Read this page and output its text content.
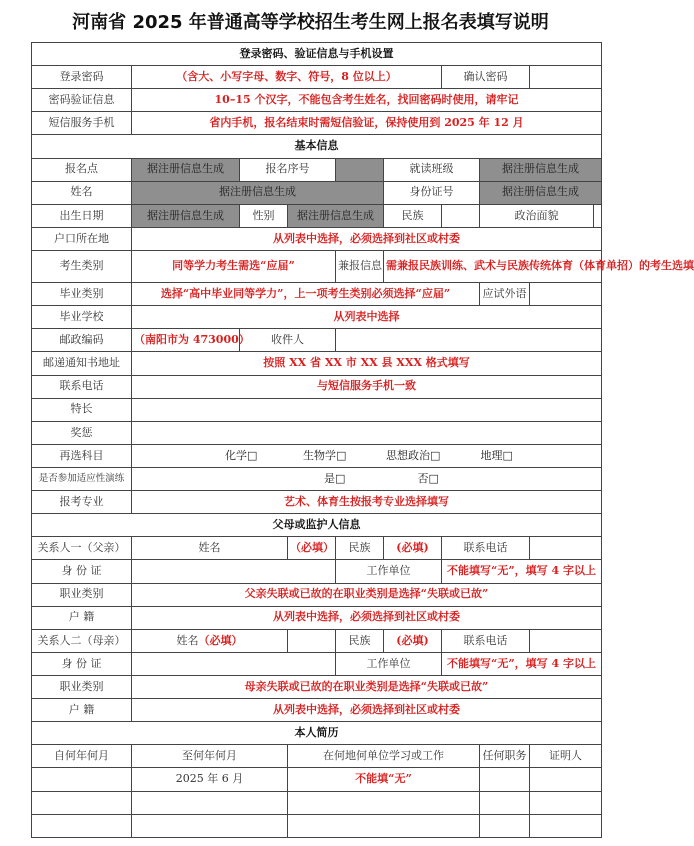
河南省 2025 年普通高等学校招生考生网上报名表填写说明
登录密码、验证信息与手机设置									
登录密码	（含大、小写字母、数字、符号，8 位以上）					确认密码			
密码验证信息	10–15 个汉字，不能包含考生姓名，找回密码时使用，请牢记								
短信服务手机	省内手机，报名结束时需短信验证，保持使用到 2025 年 12 月								
基本信息									
报名点	据注册信息生成	报名序号			就读班级		据注册信息生成		
姓名	据注册信息生成				身份证号		据注册信息生成		
出生日期	据注册信息生成	性别	据注册信息生成		民族		政治面貌		
户口所在地	从列表中选择，必须选择到社区或村委								
考生类别	同等学力考生需选“应届”			兼报信息	需兼报民族训练、武术与民族传统体育（体育单招）的考生选填				
毕业类别	选择“高中毕业同等学力”，上一项考生类别必须选择“应届”						应试外语		
毕业学校	从列表中选择								
邮政编码	（南阳市为 473000）	收件人							
邮递通知书地址	按照 XX 省 XX 市 XX 县 XXX 格式填写								
联系电话	与短信服务手机一致								
特长									
奖惩									
再选科目	化学□ 生物学□ 思想政治□ 地理□								
是否参加适应性演练	是□ 否□								
报考专业	艺术、体育生按报考专业选择填写								
父母或监护人信息									
关系人一（父亲）	姓名		（必填）	民族	(必填)	联系电话			
身 份 证				工作单位		不能填写“无”，填写 4 字以上			
职业类别	父亲失联或已故的在职业类别是选择“失联或已故”								
户 籍	从列表中选择，必须选择到社区或村委								
关系人二（母亲）	姓名（必填）			民族	(必填)	联系电话			
身 份 证				工作单位		不能填写“无”，填写 4 字以上			
职业类别	母亲失联或已故的在职业类别是选择“失联或已故”								
户 籍	从列表中选择，必须选择到社区或村委								
本人简历									
自何年何月	至何年何月		在何地何单位学习或工作				任何职务	证明人	
	2025 年 6 月		不能填“无”						
